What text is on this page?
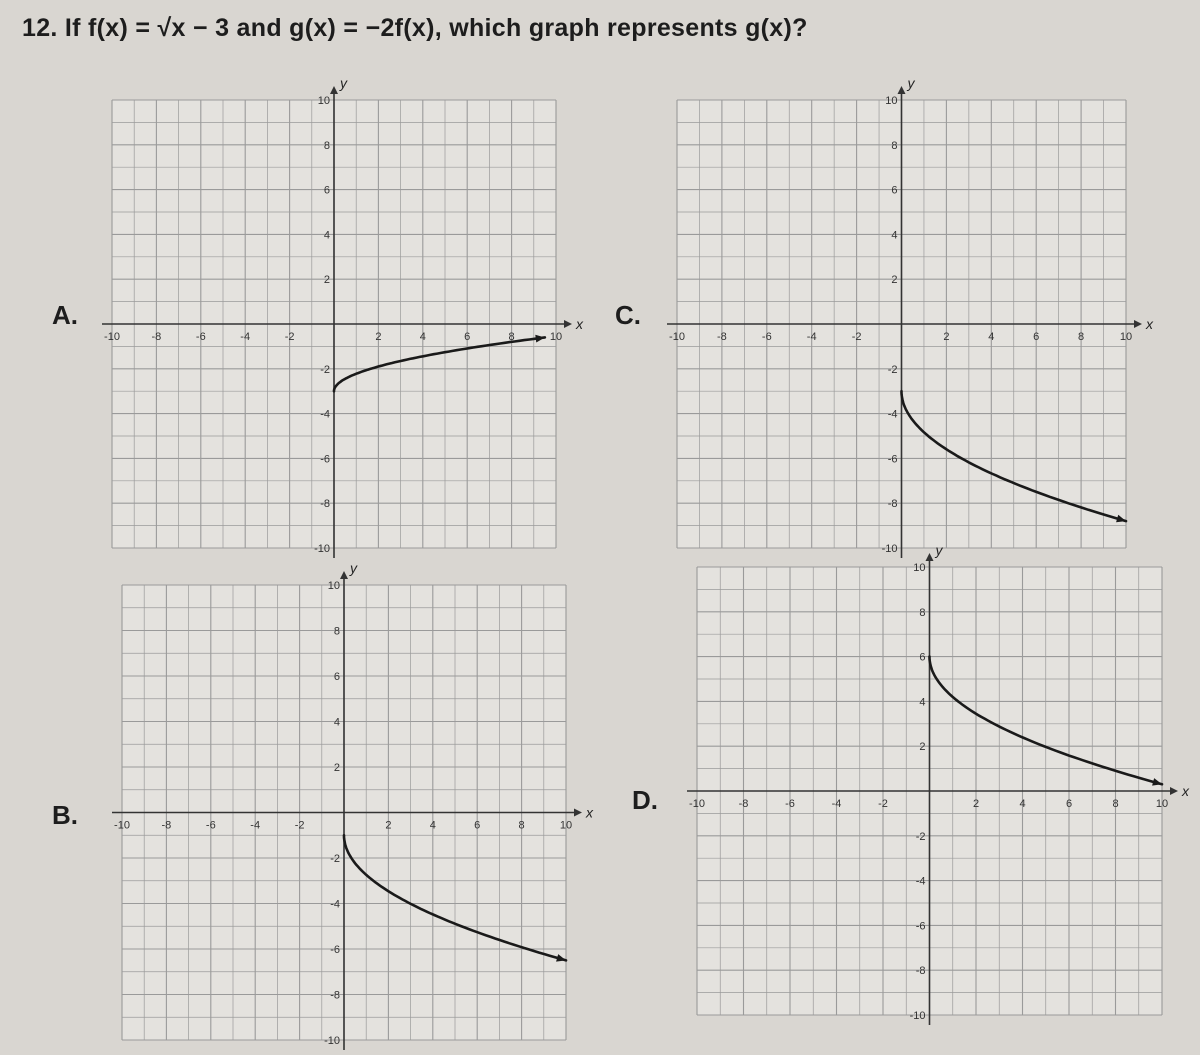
12. If f(x) = √x − 3 and g(x) = −2f(x), which graph represents g(x)?
A.
B.
C.
D.
x
y
-10	-8	-6	-4	-2	2	4	6	8	10
10
8
6
4
2
-2
-4
-6
-8
-10
x
y
-10	-8	-6	-4	-2	2	4	6	8	10
10
8
6
4
2
-2
-4
-6
-8
-10
x
y
-10	-8	-6	-4	-2	2	4	6	8	10
10
8
6
4
2
-2
-4
-6
-8
-10
x
y
-10	-8	-6	-4	-2	2	4	6	8	10
10
8
6
4
2
-2
-4
-6
-8
-10
